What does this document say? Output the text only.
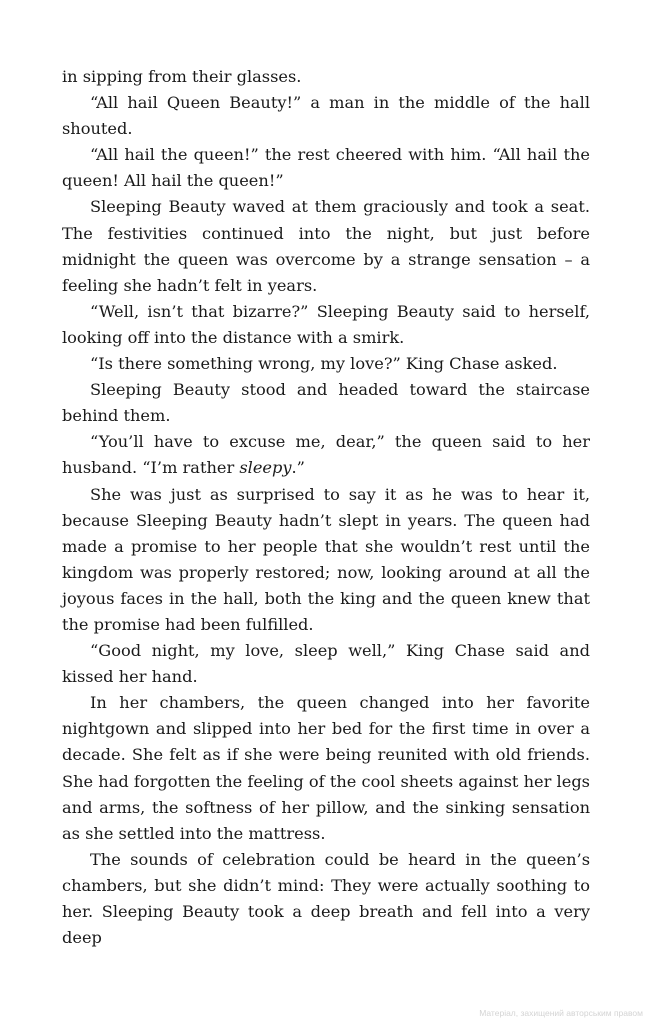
in sipping from their glasses.

“All hail Queen Beauty!” a man in the middle of the hall shouted.

“All hail the queen!” the rest cheered with him. “All hail the queen! All hail the queen!”

Sleeping Beauty waved at them graciously and took a seat. The festivities continued into the night, but just before midnight the queen was overcome by a strange sensation – a feeling she hadn’t felt in years.

“Well, isn’t that bizarre?” Sleeping Beauty said to herself, looking off into the distance with a smirk.

“Is there something wrong, my love?” King Chase asked.

Sleeping Beauty stood and headed toward the staircase behind them.

“You’ll have to excuse me, dear,” the queen said to her husband. “I’m rather sleepy.”

She was just as surprised to say it as he was to hear it, because Sleeping Beauty hadn’t slept in years. The queen had made a promise to her people that she wouldn’t rest until the kingdom was properly restored; now, looking around at all the joyous faces in the hall, both the king and the queen knew that the promise had been fulfilled.

“Good night, my love, sleep well,” King Chase said and kissed her hand.

In her chambers, the queen changed into her favorite nightgown and slipped into her bed for the first time in over a decade. She felt as if she were being reunited with old friends. She had forgotten the feeling of the cool sheets against her legs and arms, the softness of her pillow, and the sinking sensation as she settled into the mattress.

The sounds of celebration could be heard in the queen’s chambers, but she didn’t mind: They were actually soothing to her. Sleeping Beauty took a deep breath and fell into a very deep

Матеріал, захищений авторським правом
